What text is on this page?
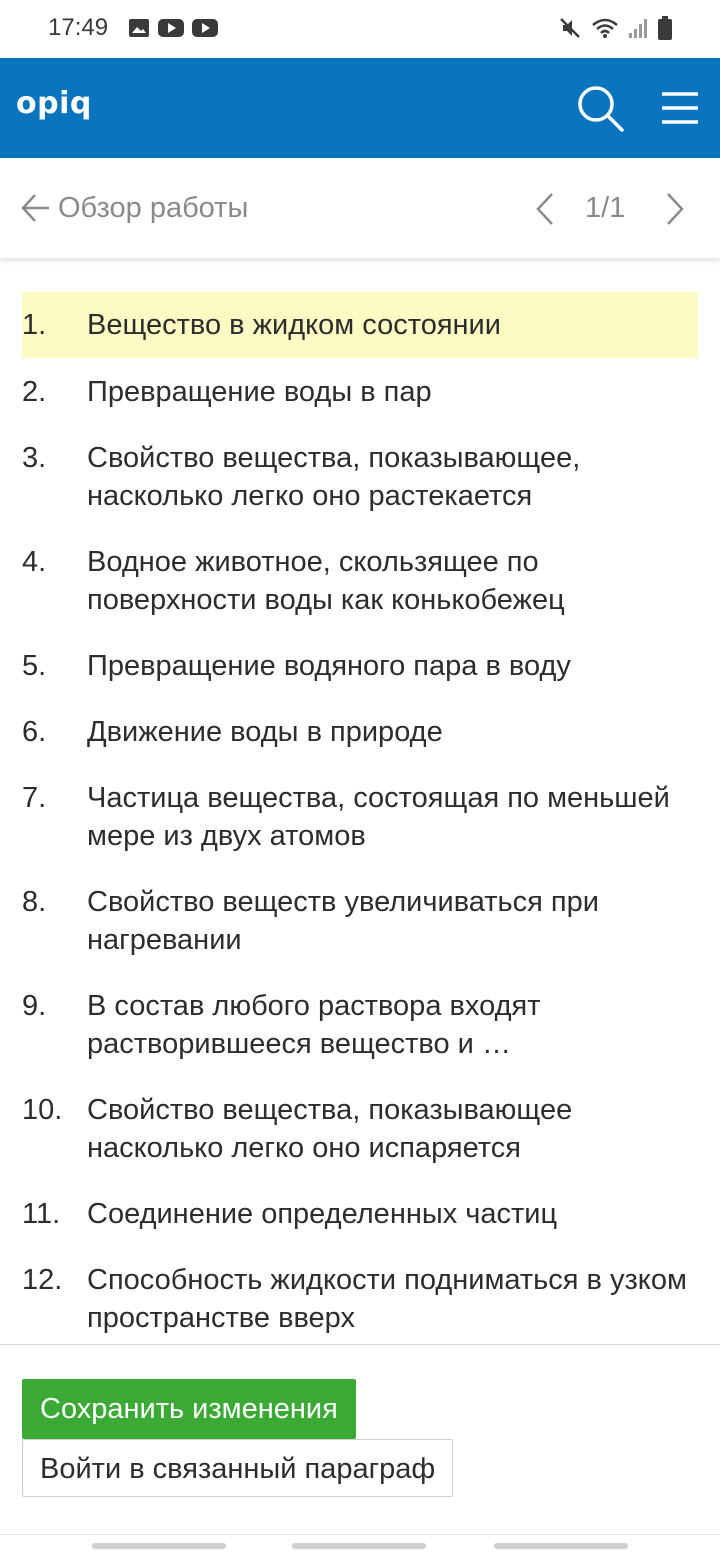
17:49
opiq
Обзор работы	1/1
1.	Вещество в жидком состоянии
2.	Превращение воды в пар
3.	Свойство вещества, показывающее, насколько легко оно растекается
4.	Водное животное, скользящее по поверхности воды как конькобежец
5.	Превращение водяного пара в воду
6.	Движение воды в природе
7.	Частица вещества, состоящая по меньшей мере из двух атомов
8.	Свойство веществ увеличиваться при нагревании
9.	В состав любого раствора входят растворившееся вещество и …
10. Свойство вещества, показывающее насколько легко оно испаряется
11. Соединение определенных частиц
12. Способность жидкости подниматься в узком пространстве вверх
Сохранить изменения
Войти в связанный параграф
